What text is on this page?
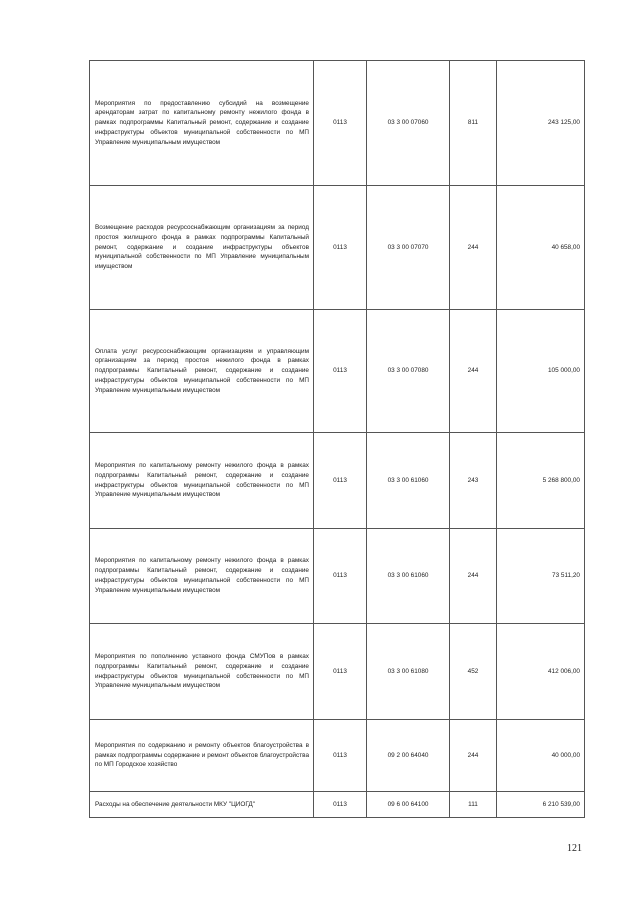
Мероприятия по предоставлению субсидий на возмещение арендаторам затрат по капитальному ремонту нежилого фонда в рамках подпрограммы Капитальный ремонт, содержание и создание инфраструктуры объектов муниципальной собственности по МП Управление муниципальным имуществом	0113	03 3 00 07060	811	243 125,00
Возмещение расходов ресурсоснабжающим организациям за период простоя жилищного фонда в рамках подпрограммы Капитальный ремонт, содержание и создание инфраструктуры объектов муниципальной собственности по МП Управление муниципальным имуществом	0113	03 3 00 07070	244	40 658,00
Оплата услуг ресурсоснабжающим организациям и управляющим организациям за период простоя нежилого фонда в рамках подпрограммы Капитальный ремонт, содержание и создание инфраструктуры объектов муниципальной собственности по МП Управление муниципальным имуществом	0113	03 3 00 07080	244	105 000,00
Мероприятия по капитальному ремонту нежилого фонда в рамках подпрограммы Капитальный ремонт, содержание и создание инфраструктуры объектов муниципальной собственности по МП Управление муниципальным имуществом	0113	03 3 00 61060	243	5 268 800,00
Мероприятия по капитальному ремонту нежилого фонда в рамках подпрограммы Капитальный ремонт, содержание и создание инфраструктуры объектов муниципальной собственности по МП Управление муниципальным имуществом	0113	03 3 00 61060	244	73 511,20
Мероприятия по пополнению уставного фонда СМУПов в рамках подпрограммы Капитальный ремонт, содержание и создание инфраструктуры объектов муниципальной собственности по МП Управление муниципальным имуществом	0113	03 3 00 61080	452	412 006,00
Мероприятия по содержанию и ремонту объектов благоустройства в рамках подпрограммы содержание и ремонт объектов благоустройства по МП Городское хозяйство	0113	09 2 00 64040	244	40 000,00
Расходы на обеспечение деятельности МКУ "ЦИОГД"	0113	09 6 00 64100	111	6 210 539,00
121
